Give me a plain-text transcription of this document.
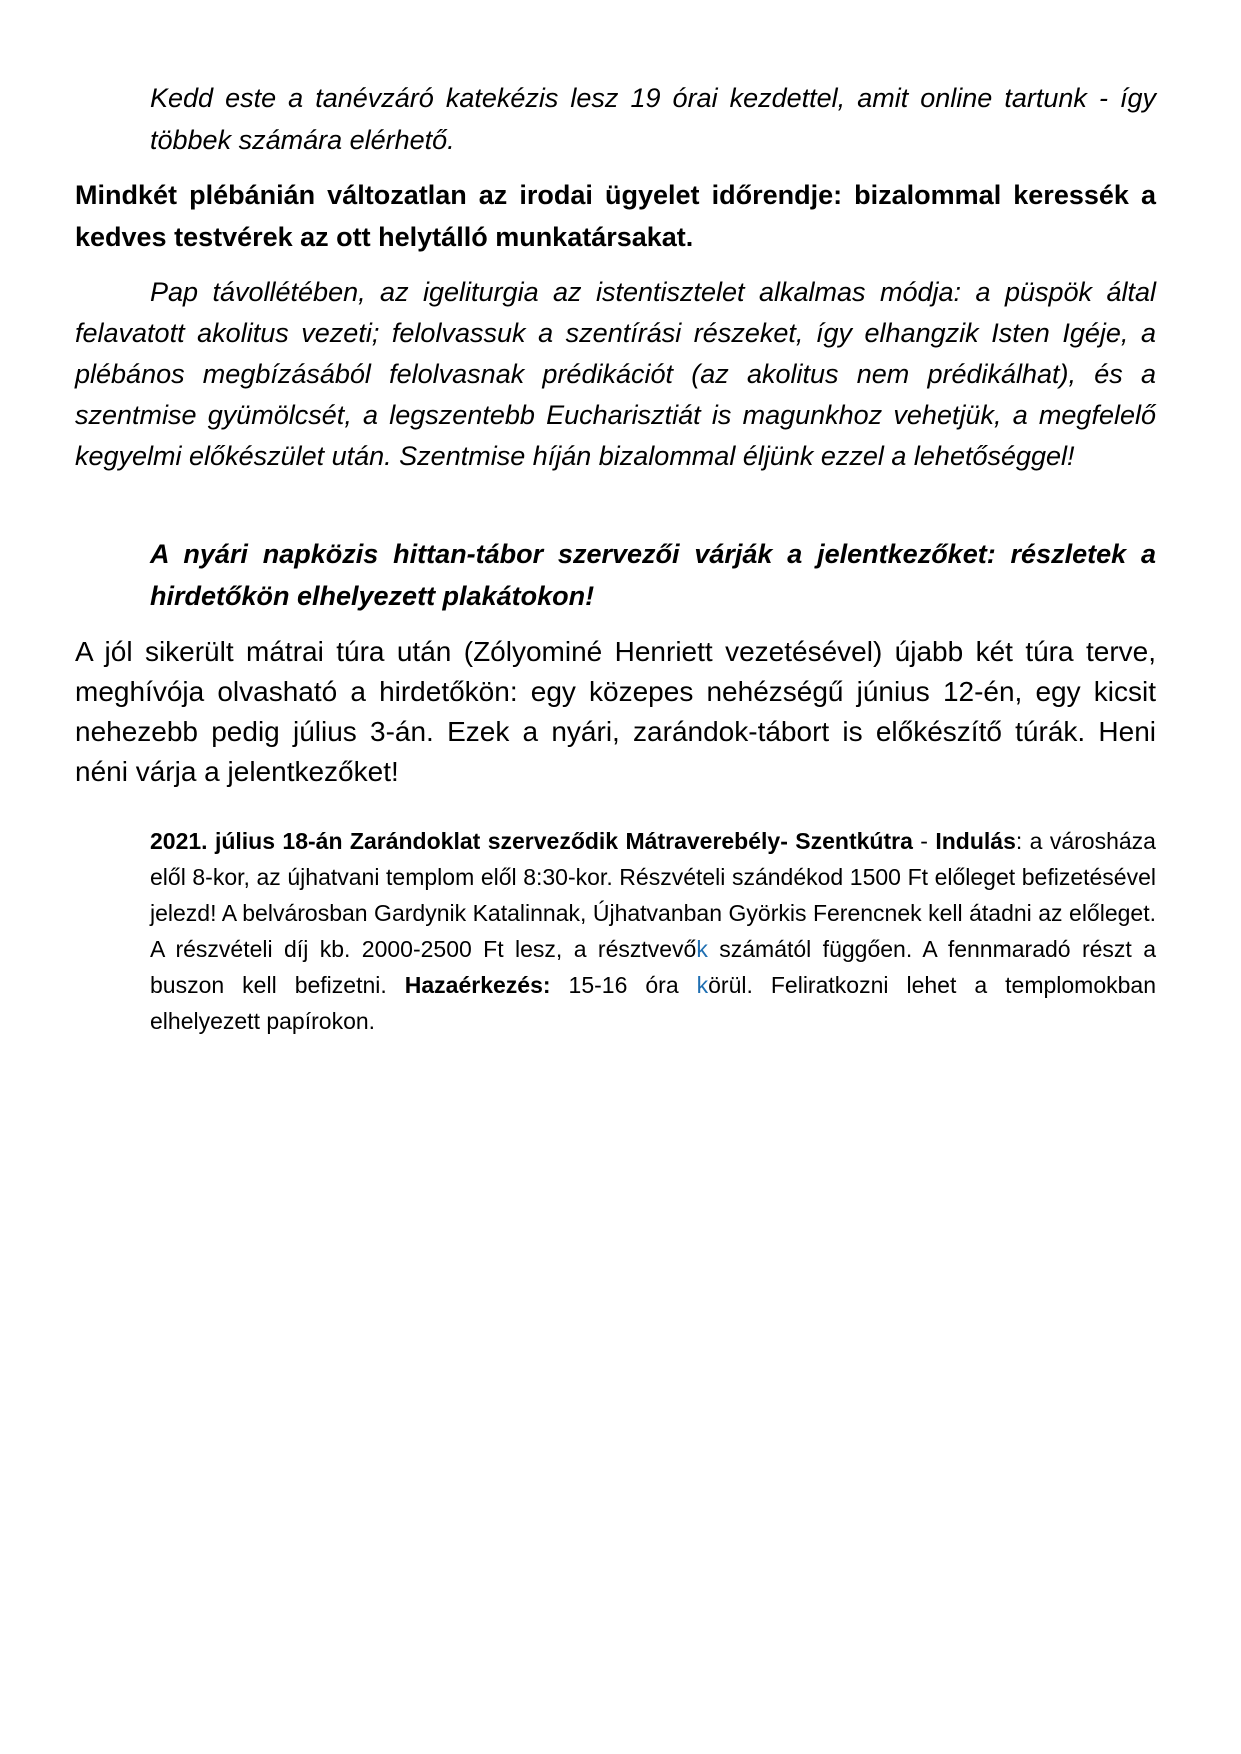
Kedd este a tanévzáró katekézis lesz 19 órai kezdettel, amit online tartunk - így többek számára elérhető.

Mindkét plébánián változatlan az irodai ügyelet időrendje: bizalommal keressék a kedves testvérek az ott helytálló munkatársakat.

Pap távollétében, az igeliturgia az istentisztelet alkalmas módja: a püspök által felavatott akolitus vezeti; felolvassuk a szentírási részeket, így elhangzik Isten Igéje, a plébános megbízásából felolvasnak prédikációt (az akolitus nem prédikálhat), és a szentmise gyümölcsét, a legszentebb Eucharisztiát is magunkhoz vehetjük, a megfelelő kegyelmi előkészület után. Szentmise híján bizalommal éljünk ezzel a lehetőséggel!

A nyári napközis hittan-tábor szervezői várják a jelentkezőket: részletek a hirdetőkön elhelyezett plakátokon!

A jól sikerült mátrai túra után (Zólyominé Henriett vezetésével) újabb két túra terve, meghívója olvasható a hirdetőkön: egy közepes nehézségű június 12-én, egy kicsit nehezebb pedig július 3-án. Ezek a nyári, zarándok-tábort is előkészítő túrák. Heni néni várja a jelentkezőket!

2021. július 18-án Zarándoklat szerveződik Mátraverebély- Szentkútra - Indulás: a városháza elől 8-kor, az újhatvani templom elől 8:30-kor. Részvételi szándékod 1500 Ft előleget befizetésével jelezd! A belvárosban Gardynik Katalinnak, Újhatvanban Györkis Ferencnek kell átadni az előleget. A részvételi díj kb. 2000-2500 Ft lesz, a résztvevők számától függően. A fennmaradó részt a buszon kell befizetni. Hazaérkezés: 15-16 óra körül. Feliratkozni lehet a templomokban elhelyezett papírokon.
